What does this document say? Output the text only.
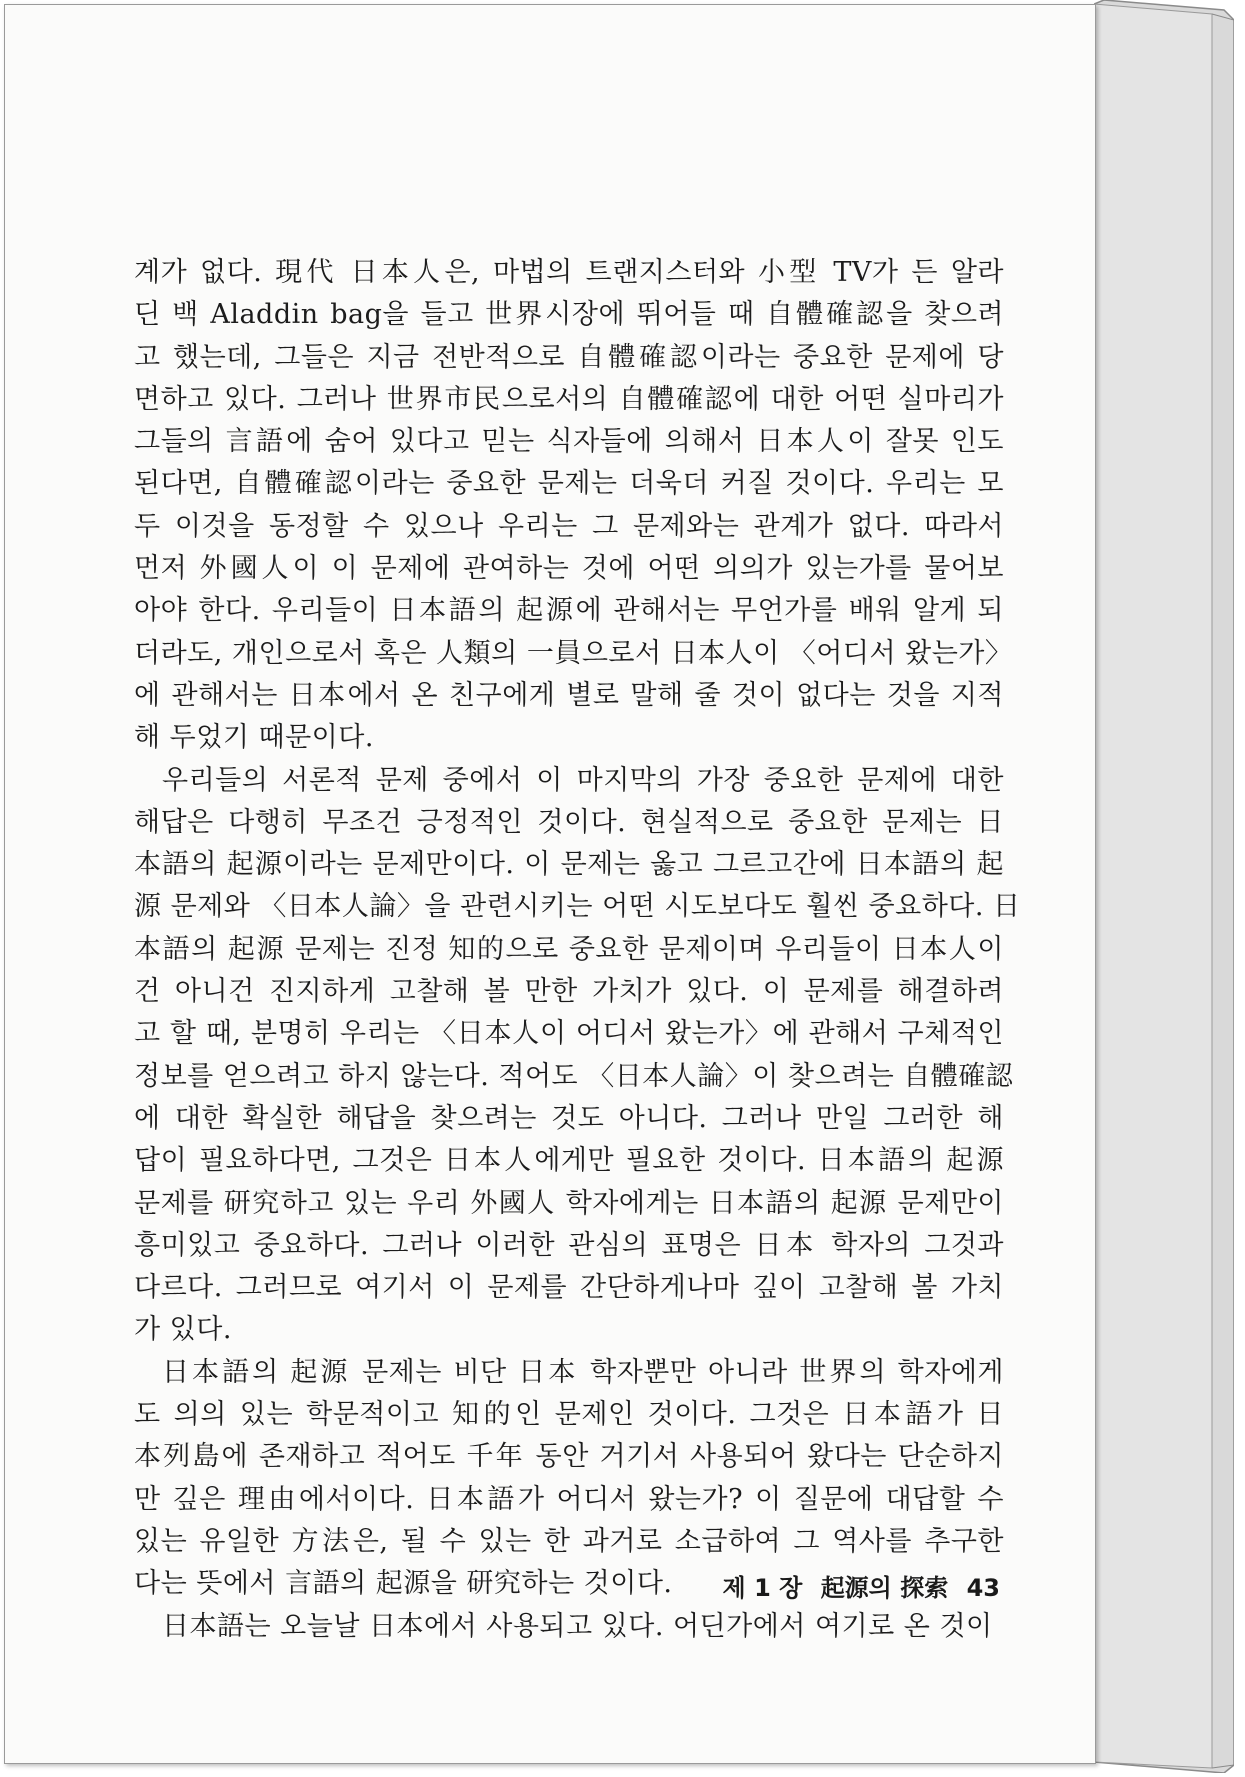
계가 없다. 現代 日本人은, 마법의 트랜지스터와 小型 TV가 든 알라
딘 백 Aladdin bag을 들고 世界시장에 뛰어들 때 自體確認을 찾으려
고 했는데, 그들은 지금 전반적으로 自體確認이라는 중요한 문제에 당
면하고 있다. 그러나 世界市民으로서의 自體確認에 대한 어떤 실마리가
그들의 言語에 숨어 있다고 믿는 식자들에 의해서 日本人이 잘못 인도
된다면, 自體確認이라는 중요한 문제는 더욱더 커질 것이다. 우리는 모
두 이것을 동정할 수 있으나 우리는 그 문제와는 관계가 없다. 따라서
먼저 外國人이 이 문제에 관여하는 것에 어떤 의의가 있는가를 물어보
아야 한다. 우리들이 日本語의 起源에 관해서는 무언가를 배워 알게 되
더라도, 개인으로서 혹은 人類의 一員으로서 日本人이 〈어디서 왔는가〉
에 관해서는 日本에서 온 친구에게 별로 말해 줄 것이 없다는 것을 지적
해 두었기 때문이다.
우리들의 서론적 문제 중에서 이 마지막의 가장 중요한 문제에 대한
해답은 다행히 무조건 긍정적인 것이다. 현실적으로 중요한 문제는 日
本語의 起源이라는 문제만이다. 이 문제는 옳고 그르고간에 日本語의 起
源 문제와 〈日本人論〉을 관련시키는 어떤 시도보다도 훨씬 중요하다. 日
本語의 起源 문제는 진정 知的으로 중요한 문제이며 우리들이 日本人이
건 아니건 진지하게 고찰해 볼 만한 가치가 있다. 이 문제를 해결하려
고 할 때, 분명히 우리는 〈日本人이 어디서 왔는가〉에 관해서 구체적인
정보를 얻으려고 하지 않는다. 적어도 〈日本人論〉이 찾으려는 自體確認
에 대한 확실한 해답을 찾으려는 것도 아니다. 그러나 만일 그러한 해
답이 필요하다면, 그것은 日本人에게만 필요한 것이다. 日本語의 起源
문제를 研究하고 있는 우리 外國人 학자에게는 日本語의 起源 문제만이
흥미있고 중요하다. 그러나 이러한 관심의 표명은 日本 학자의 그것과
다르다. 그러므로 여기서 이 문제를 간단하게나마 깊이 고찰해 볼 가치
가 있다.
日本語의 起源 문제는 비단 日本 학자뿐만 아니라 世界의 학자에게
도 의의 있는 학문적이고 知的인 문제인 것이다. 그것은 日本語가 日
本列島에 존재하고 적어도 千年 동안 거기서 사용되어 왔다는 단순하지
만 깊은 理由에서이다. 日本語가 어디서 왔는가? 이 질문에 대답할 수
있는 유일한 方法은, 될 수 있는 한 과거로 소급하여 그 역사를 추구한
다는 뜻에서 言語의 起源을 研究하는 것이다.
日本語는 오늘날 日本에서 사용되고 있다. 어딘가에서 여기로 온 것이
제 1 장 起源의 探索 43
